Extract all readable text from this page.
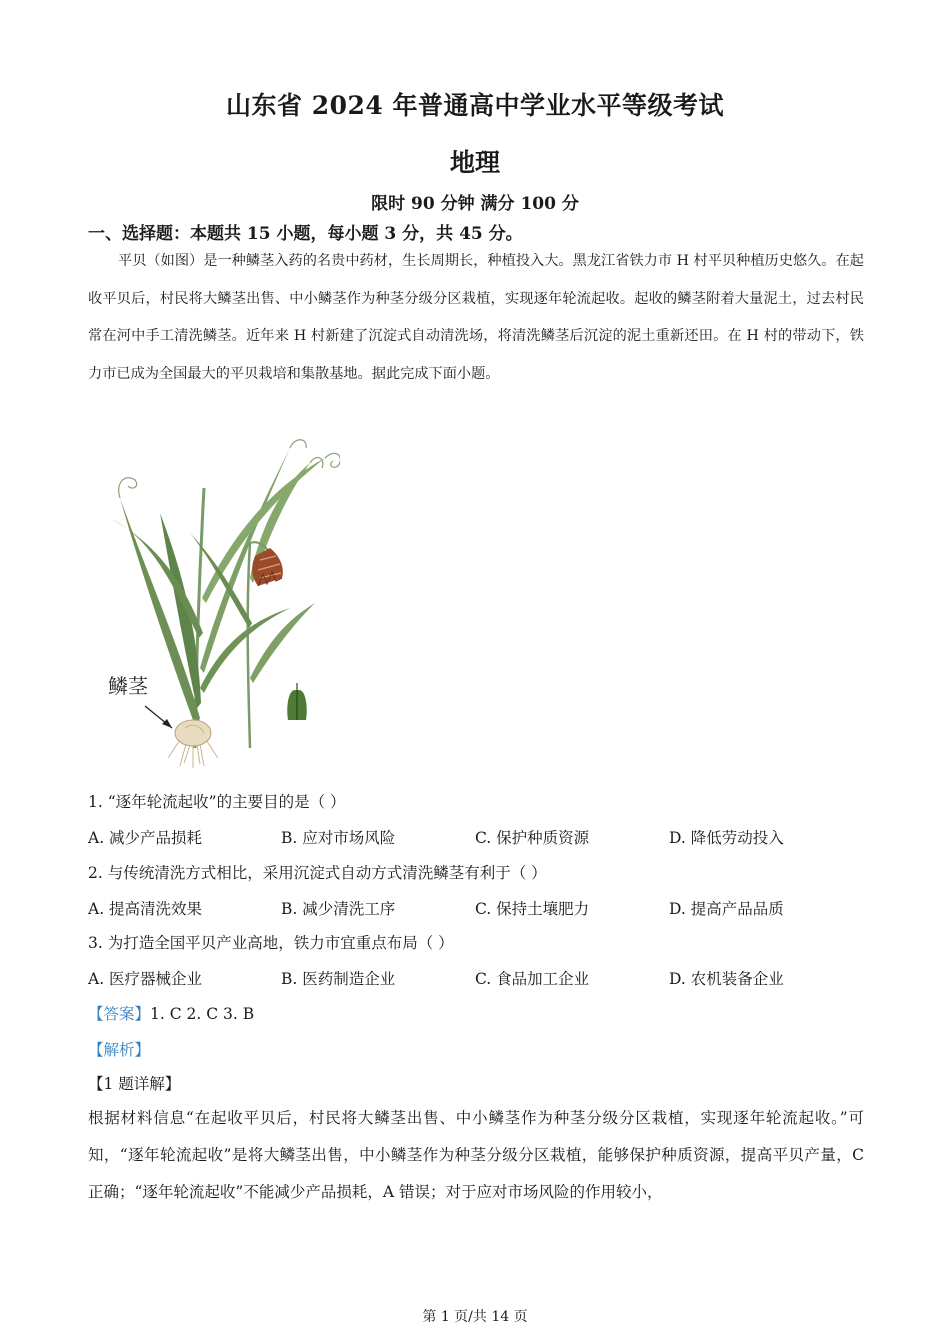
山东省 2024 年普通高中学业水平等级考试
地理
限时 90 分钟 满分 100 分
一、选择题：本题共 15 小题，每小题 3 分，共 45 分。
平贝（如图）是一种鳞茎入药的名贵中药材，生长周期长，种植投入大。黑龙江省铁力市 H 村平贝种植历史悠久。在起收平贝后，村民将大鳞茎出售、中小鳞茎作为种茎分级分区栽植，实现逐年轮流起收。起收的鳞茎附着大量泥土，过去村民常在河中手工清洗鳞茎。近年来 H 村新建了沉淀式自动清洗场，将清洗鳞茎后沉淀的泥土重新还田。在 H 村的带动下，铁力市已成为全国最大的平贝栽培和集散基地。据此完成下面小题。
鳞茎
1. “逐年轮流起收”的主要目的是（ ）
A. 减少产品损耗	B. 应对市场风险	C. 保护种质资源	D. 降低劳动投入
2. 与传统清洗方式相比，采用沉淀式自动方式清洗鳞茎有利于（ ）
A. 提高清洗效果	B. 减少清洗工序	C. 保持土壤肥力	D. 提高产品品质
3. 为打造全国平贝产业高地，铁力市宜重点布局（ ）
A. 医疗器械企业	B. 医药制造企业	C. 食品加工企业	D. 农机装备企业
【答案】1. C 2. C 3. B
【解析】
【1 题详解】
根据材料信息“在起收平贝后，村民将大鳞茎出售、中小鳞茎作为种茎分级分区栽植，实现逐年轮流起收。”可知，“逐年轮流起收”是将大鳞茎出售，中小鳞茎作为种茎分级分区栽植，能够保护种质资源，提高平贝产量，C 正确；“逐年轮流起收”不能减少产品损耗，A 错误；对于应对市场风险的作用较小，
第 1 页/共 14 页
